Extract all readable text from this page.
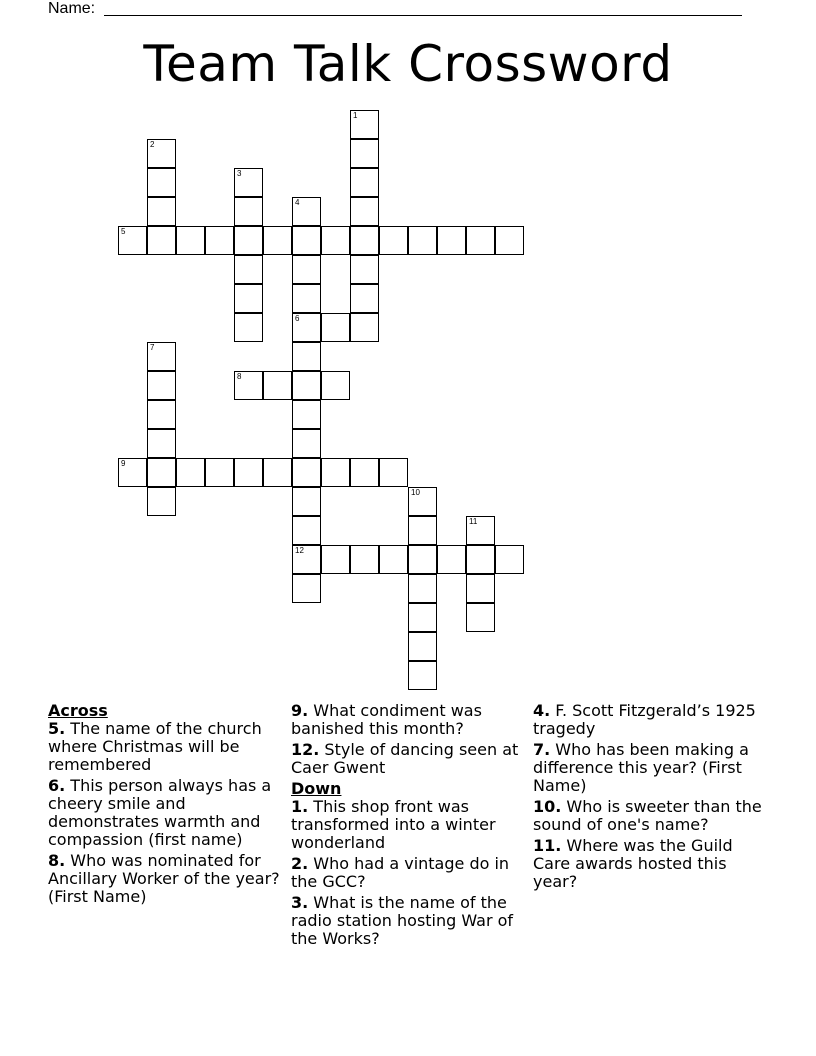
Name:
Team Talk Crossword
1
2
3
4
6
12
5
7
8
9
10
11
Across
5. The name of the church where Christmas will be remembered
6. This person always has a cheery smile and demonstrates warmth and compassion (first name)
8. Who was nominated for Ancillary Worker of the year? (First Name)
9. What condiment was banished this month?
12. Style of dancing seen at Caer Gwent
Down
1. This shop front was transformed into a winter wonderland
2. Who had a vintage do in the GCC?
3. What is the name of the radio station hosting War of the Works?
4. F. Scott Fitzgerald’s 1925 tragedy
7. Who has been making a difference this year? (First Name)
10. Who is sweeter than the sound of one's name?
11. Where was the Guild Care awards hosted this year?
